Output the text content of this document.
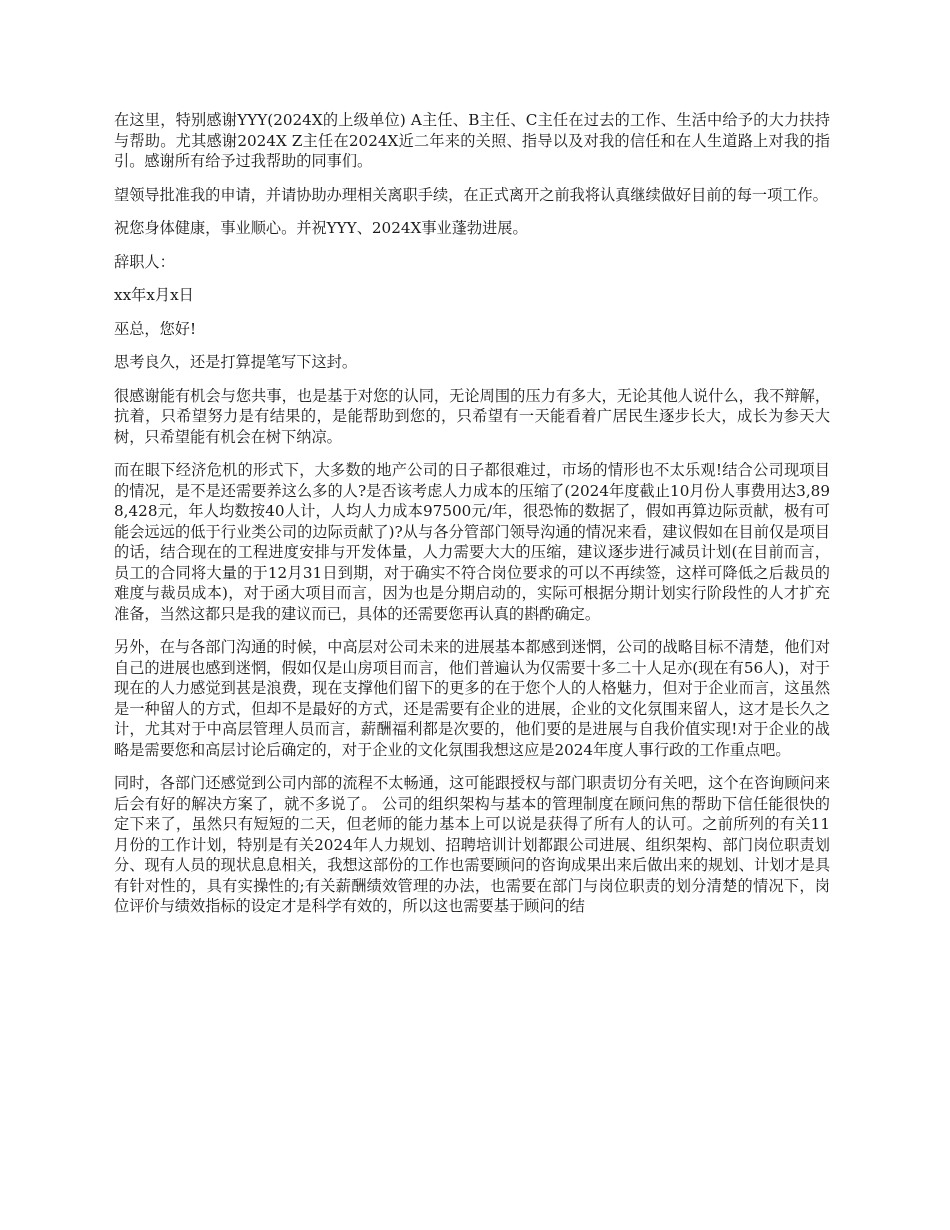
在这里，特别感谢YYY(2024X的上级单位) A主任、B主任、C主任在过去的工作、生活中给予的大力扶持与帮助。尤其感谢2024X Z主任在2024X近二年来的关照、指导以及对我的信任和在人生道路上对我的指引。感谢所有给予过我帮助的同事们。

望领导批准我的申请，并请协助办理相关离职手续，在正式离开之前我将认真继续做好目前的每一项工作。

祝您身体健康，事业顺心。并祝YYY、2024X事业蓬勃进展。

辞职人：

xx年x月x日

巫总，您好!

思考良久，还是打算提笔写下这封。

很感谢能有机会与您共事，也是基于对您的认同，无论周围的压力有多大，无论其他人说什么，我不辩解，抗着，只希望努力是有结果的，是能帮助到您的，只希望有一天能看着广居民生逐步长大，成长为参天大树，只希望能有机会在树下纳凉。

而在眼下经济危机的形式下，大多数的地产公司的日子都很难过，市场的情形也不太乐观!结合公司现项目的情况，是不是还需要养这么多的人?是否该考虑人力成本的压缩了(2024年度截止10月份人事费用达3,898,428元，年人均数按40人计，人均人力成本97500元/年，很恐怖的数据了，假如再算边际贡献，极有可能会远远的低于行业类公司的边际贡献了)?从与各分管部门领导沟通的情况来看，建议假如在目前仅是项目的话，结合现在的工程进度安排与开发体量，人力需要大大的压缩，建议逐步进行减员计划(在目前而言，员工的合同将大量的于12月31日到期，对于确实不符合岗位要求的可以不再续签，这样可降低之后裁员的难度与裁员成本)，对于函大项目而言，因为也是分期启动的，实际可根据分期计划实行阶段性的人才扩充准备，当然这都只是我的建议而已，具体的还需要您再认真的斟酌确定。

另外，在与各部门沟通的时候，中高层对公司未来的进展基本都感到迷惘，公司的战略目标不清楚，他们对自己的进展也感到迷惘，假如仅是山房项目而言，他们普遍认为仅需要十多二十人足亦(现在有56人)，对于现在的人力感觉到甚是浪费，现在支撑他们留下的更多的在于您个人的人格魅力，但对于企业而言，这虽然是一种留人的方式，但却不是最好的方式，还是需要有企业的进展，企业的文化氛围来留人，这才是长久之计，尤其对于中高层管理人员而言，薪酬福利都是次要的，他们要的是进展与自我价值实现!对于企业的战略是需要您和高层讨论后确定的，对于企业的文化氛围我想这应是2024年度人事行政的工作重点吧。

同时，各部门还感觉到公司内部的流程不太畅通，这可能跟授权与部门职责切分有关吧，这个在咨询顾问来后会有好的解决方案了，就不多说了。 公司的组织架构与基本的管理制度在顾问焦的帮助下信任能很快的定下来了，虽然只有短短的二天，但老师的能力基本上可以说是获得了所有人的认可。之前所列的有关11月份的工作计划，特别是有关2024年人力规划、招聘培训计划都跟公司进展、组织架构、部门岗位职责划分、现有人员的现状息息相关，我想这部份的工作也需要顾问的咨询成果出来后做出来的规划、计划才是具有针对性的，具有实操性的;有关薪酬绩效管理的办法，也需要在部门与岗位职责的划分清楚的情况下，岗位评价与绩效指标的设定才是科学有效的，所以这也需要基于顾问的结
